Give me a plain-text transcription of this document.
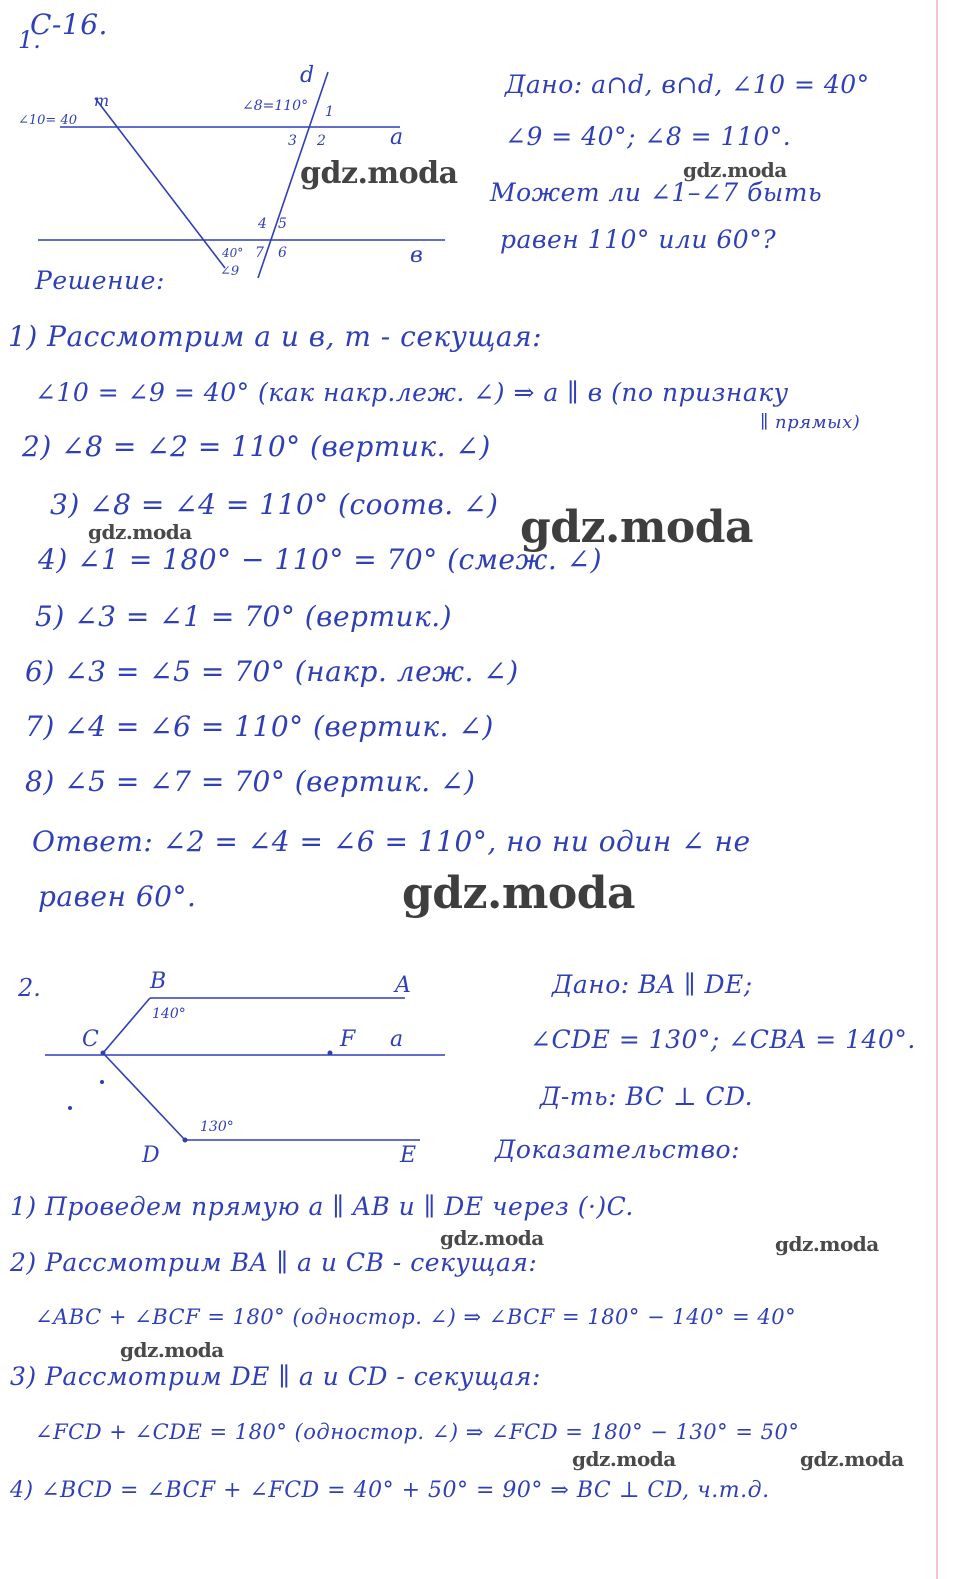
С-16.
1.
d
m
a
в
∠10= 40
∠8=110° 1
2
3
4 5
6
7
40°
∠9
2.	B	A
C	F a
D	E
140°
130°
Дано: a∩d, в∩d, ∠10 = 40°
∠9 = 40°; ∠8 = 110°.
Может ли ∠1–∠7 быть
равен 110° или 60°?
Решение:
1) Рассмотрим a и в, m - секущая:
∠10 = ∠9 = 40° (как накр.леж. ∠) ⇒ a ∥ в (по признаку
∥ прямых)
2) ∠8 = ∠2 = 110° (вертик. ∠)
3) ∠8 = ∠4 = 110° (соотв. ∠)
4) ∠1 = 180° − 110° = 70° (смеж. ∠)
5) ∠3 = ∠1 = 70° (вертик.)
6) ∠3 = ∠5 = 70° (накр. леж. ∠)
7) ∠4 = ∠6 = 110° (вертик. ∠)
8) ∠5 = ∠7 = 70° (вертик. ∠)
Ответ: ∠2 = ∠4 = ∠6 = 110°, но ни один ∠ не
равен 60°.
Дано: BA ∥ DE;
∠CDE = 130°; ∠CBA = 140°.
Д-ть: BC ⊥ CD.
Доказательство:
1) Проведем прямую a ∥ AB и ∥ DE через (·)C.
2) Рассмотрим BA ∥ a и CB - секущая:
∠ABC + ∠BCF = 180° (одностор. ∠) ⇒ ∠BCF = 180° − 140° = 40°
3) Рассмотрим DE ∥ a и CD - секущая:
∠FCD + ∠CDE = 180° (одностор. ∠) ⇒ ∠FCD = 180° − 130° = 50°
4) ∠BCD = ∠BCF + ∠FCD = 40° + 50° = 90° ⇒ BC ⊥ CD, ч.т.д.
gdz.moda	gdz.moda
gdz.moda
gdz.moda
gdz.moda
gdz.moda	gdz.moda
gdz.moda
gdz.moda	gdz.moda
